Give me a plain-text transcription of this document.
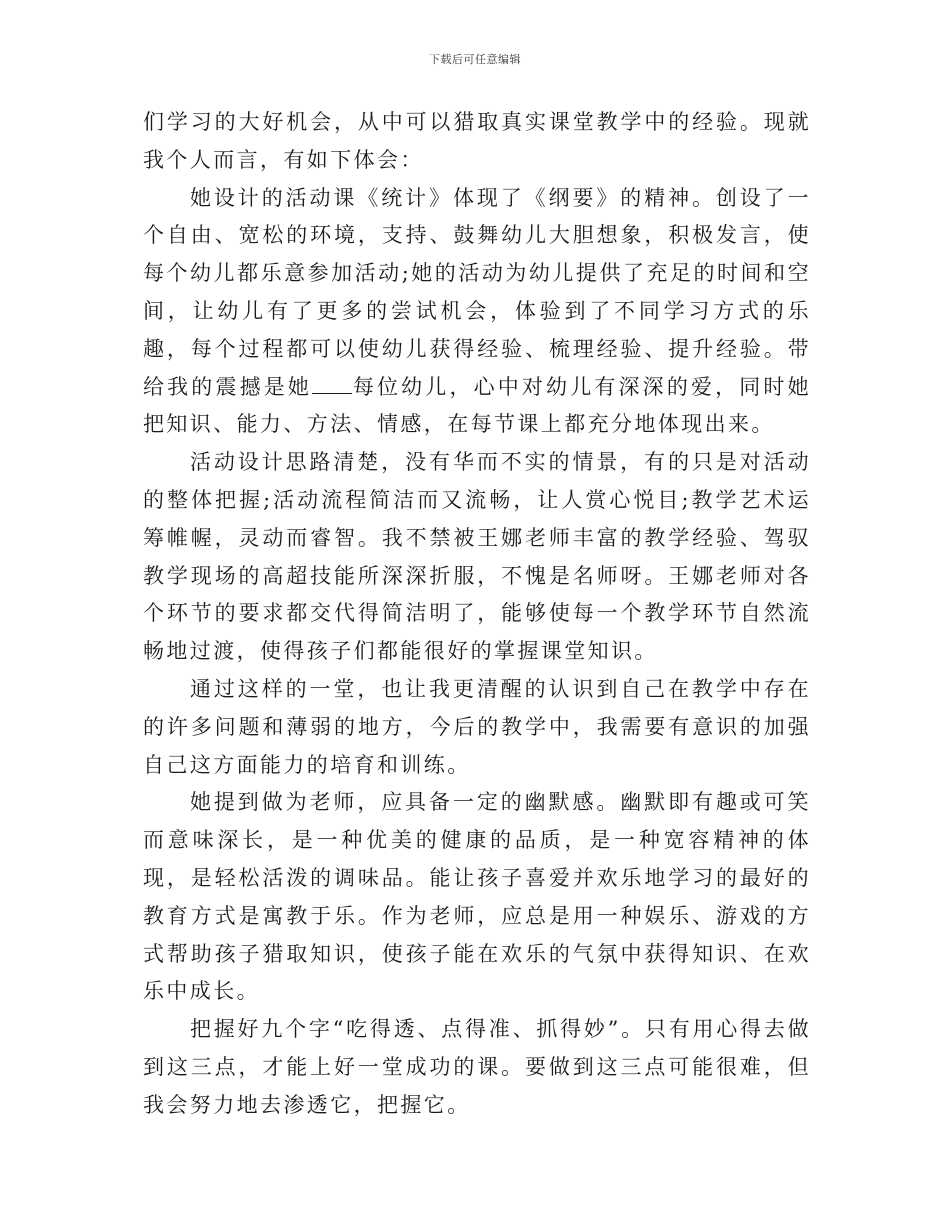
下载后可任意编辑

们学习的大好机会，从中可以猎取真实课堂教学中的经验。现就我个人而言，有如下体会：

她设计的活动课《统计》体现了《纲要》的精神。创设了一个自由、宽松的环境，支持、鼓舞幼儿大胆想象，积极发言，使每个幼儿都乐意参加活动;她的活动为幼儿提供了充足的时间和空间，让幼儿有了更多的尝试机会，体验到了不同学习方式的乐趣，每个过程都可以使幼儿获得经验、梳理经验、提升经验。带给我的震撼是她 每位幼儿，心中对幼儿有深深的爱，同时她把知识、能力、方法、情感，在每节课上都充分地体现出来。

活动设计思路清楚，没有华而不实的情景，有的只是对活动的整体把握;活动流程简洁而又流畅，让人赏心悦目;教学艺术运筹帷幄，灵动而睿智。我不禁被王娜老师丰富的教学经验、驾驭教学现场的高超技能所深深折服，不愧是名师呀。王娜老师对各个环节的要求都交代得简洁明了，能够使每一个教学环节自然流畅地过渡，使得孩子们都能很好的掌握课堂知识。

通过这样的一堂，也让我更清醒的认识到自己在教学中存在的许多问题和薄弱的地方，今后的教学中，我需要有意识的加强自己这方面能力的培育和训练。

她提到做为老师，应具备一定的幽默感。幽默即有趣或可笑而意味深长，是一种优美的健康的品质，是一种宽容精神的体现，是轻松活泼的调味品。能让孩子喜爱并欢乐地学习的最好的教育方式是寓教于乐。作为老师，应总是用一种娱乐、游戏的方式帮助孩子猎取知识，使孩子能在欢乐的气氛中获得知识、在欢乐中成长。

把握好九个字“吃得透、点得准、抓得妙”。只有用心得去做到这三点，才能上好一堂成功的课。要做到这三点可能很难，但我会努力地去渗透它，把握它。
